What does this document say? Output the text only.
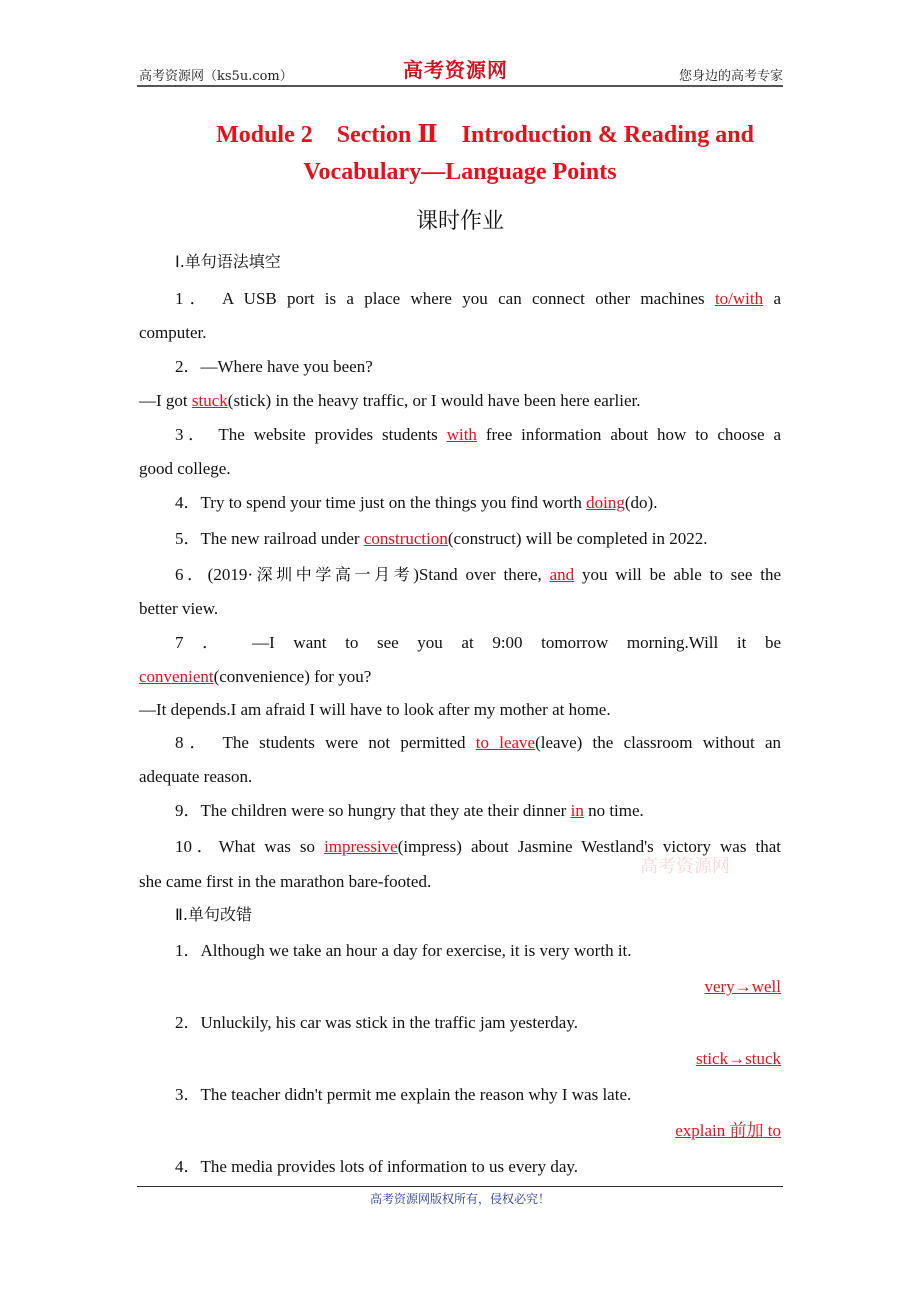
高考资源网（ks5u.com）	高考资源网	您身边的高考专家
Module 2　Section Ⅱ　Introduction & Reading and
Vocabulary—Language Points
课时作业
Ⅰ.单句语法填空
1． A USB port is a place where you can connect other machines to/with a
computer.
2．—Where have you been?
—I got stuck(stick) in the heavy traffic, or I would have been here earlier.
3． The website provides students with free information about how to choose a
good college.
4．Try to spend your time just on the things you find worth doing(do).
5．The new railroad under construction(construct) will be completed in 2022.
6．(2019·深圳中学高一月考)Stand over there, and you will be able to see the
better view.
7 ． —I want to see you at 9:00 tomorrow morning.Will it be
convenient(convenience) for you?
—It depends.I am afraid I will have to look after my mother at home.
8． The students were not permitted to leave(leave) the classroom without an
adequate reason.
9．The children were so hungry that they ate their dinner in no time.
10．What was so impressive(impress) about Jasmine Westland's victory was that
she came first in the marathon bare-footed.
Ⅱ.单句改错
1．Although we take an hour a day for exercise, it is very worth it.
very→well
2．Unluckily, his car was stick in the traffic jam yesterday.
stick→stuck
3．The teacher didn't permit me explain the reason why I was late.
explain 前加 to
4．The media provides lots of information to us every day.
高考资源网
高考资源网版权所有，侵权必究！
